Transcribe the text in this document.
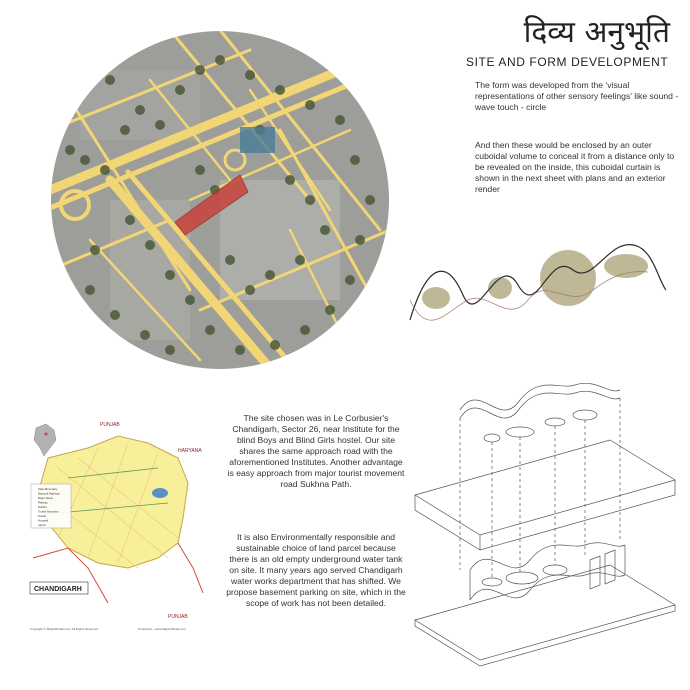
दिव्य अनुभूति
SITE AND FORM DEVELOPMENT
The form was developed from the ‘visual representations of other sensory feelings’ like sound - wave touch - circle
And then these would be enclosed by an outer cuboidal volume to conceal it from a distance only to be revealed on the inside, this cuboidal curtain is shown in the next sheet with plans and an exterior render
PUNJAB
HARYANA
PUNJAB
State Boundary
National Highway
Major Road
Railway
District
Tourist Attraction
Hotels
Hospital
Airport
CHANDIGARH
Copyright © MapsOfIndia.com. All Rights Reserved	Production - www.MapsOfIndia.com
The site chosen was in Le Corbusier's Chandigarh, Sector 26, near Institute for the blind Boys and Blind Girls hostel. Our site shares the same approach road with the aforementioned Institutes. Another advantage is easy approach from major tourist movement road Sukhna Path.
It is also Environmentally responsible and sustainable choice of land parcel because there is an old empty underground water tank on site. It many years ago served Chandigarh water works department that has shifted. We propose basement parking on site, which in the scope of work has not been detailed.
